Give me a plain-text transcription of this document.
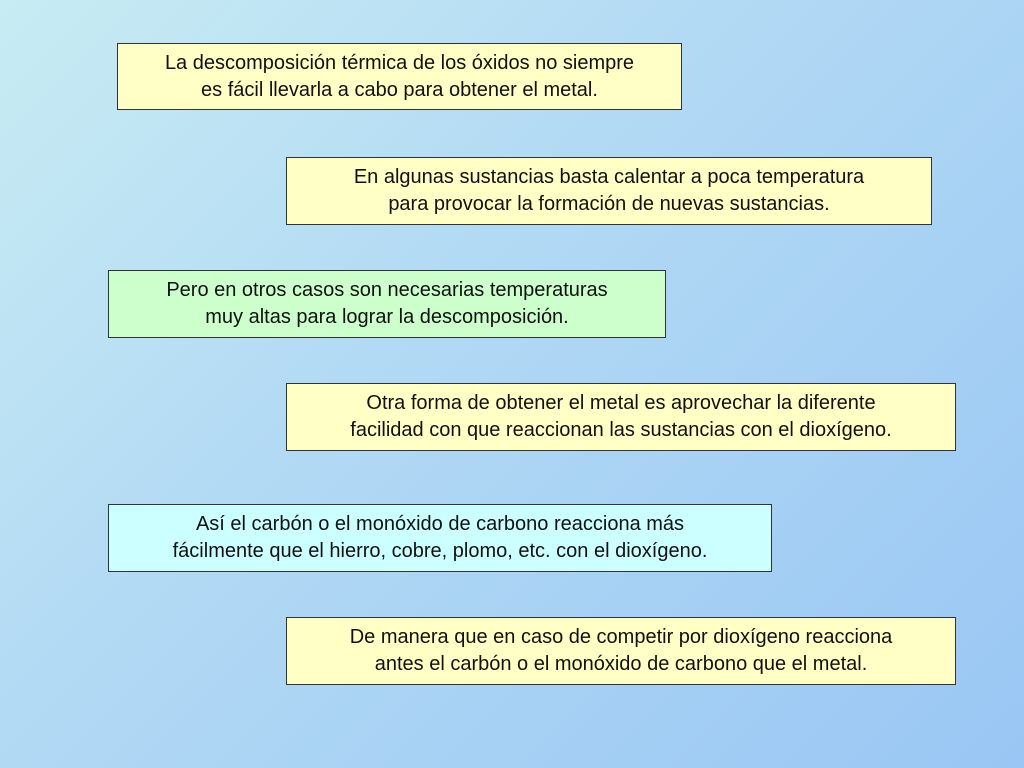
La descomposición térmica de los óxidos no siempre
es fácil llevarla a cabo para obtener el metal.
En algunas sustancias basta calentar a poca temperatura
para provocar la formación de nuevas sustancias.
Pero en otros casos son necesarias temperaturas
muy altas para lograr la descomposición.
Otra forma de obtener el metal es aprovechar la diferente
facilidad con que reaccionan las sustancias con el dioxígeno.
Así el carbón o el monóxido de carbono reacciona más
fácilmente que el hierro, cobre, plomo, etc. con el dioxígeno.
De manera que en caso de competir por dioxígeno reacciona
antes el carbón o el monóxido de carbono que el metal.
